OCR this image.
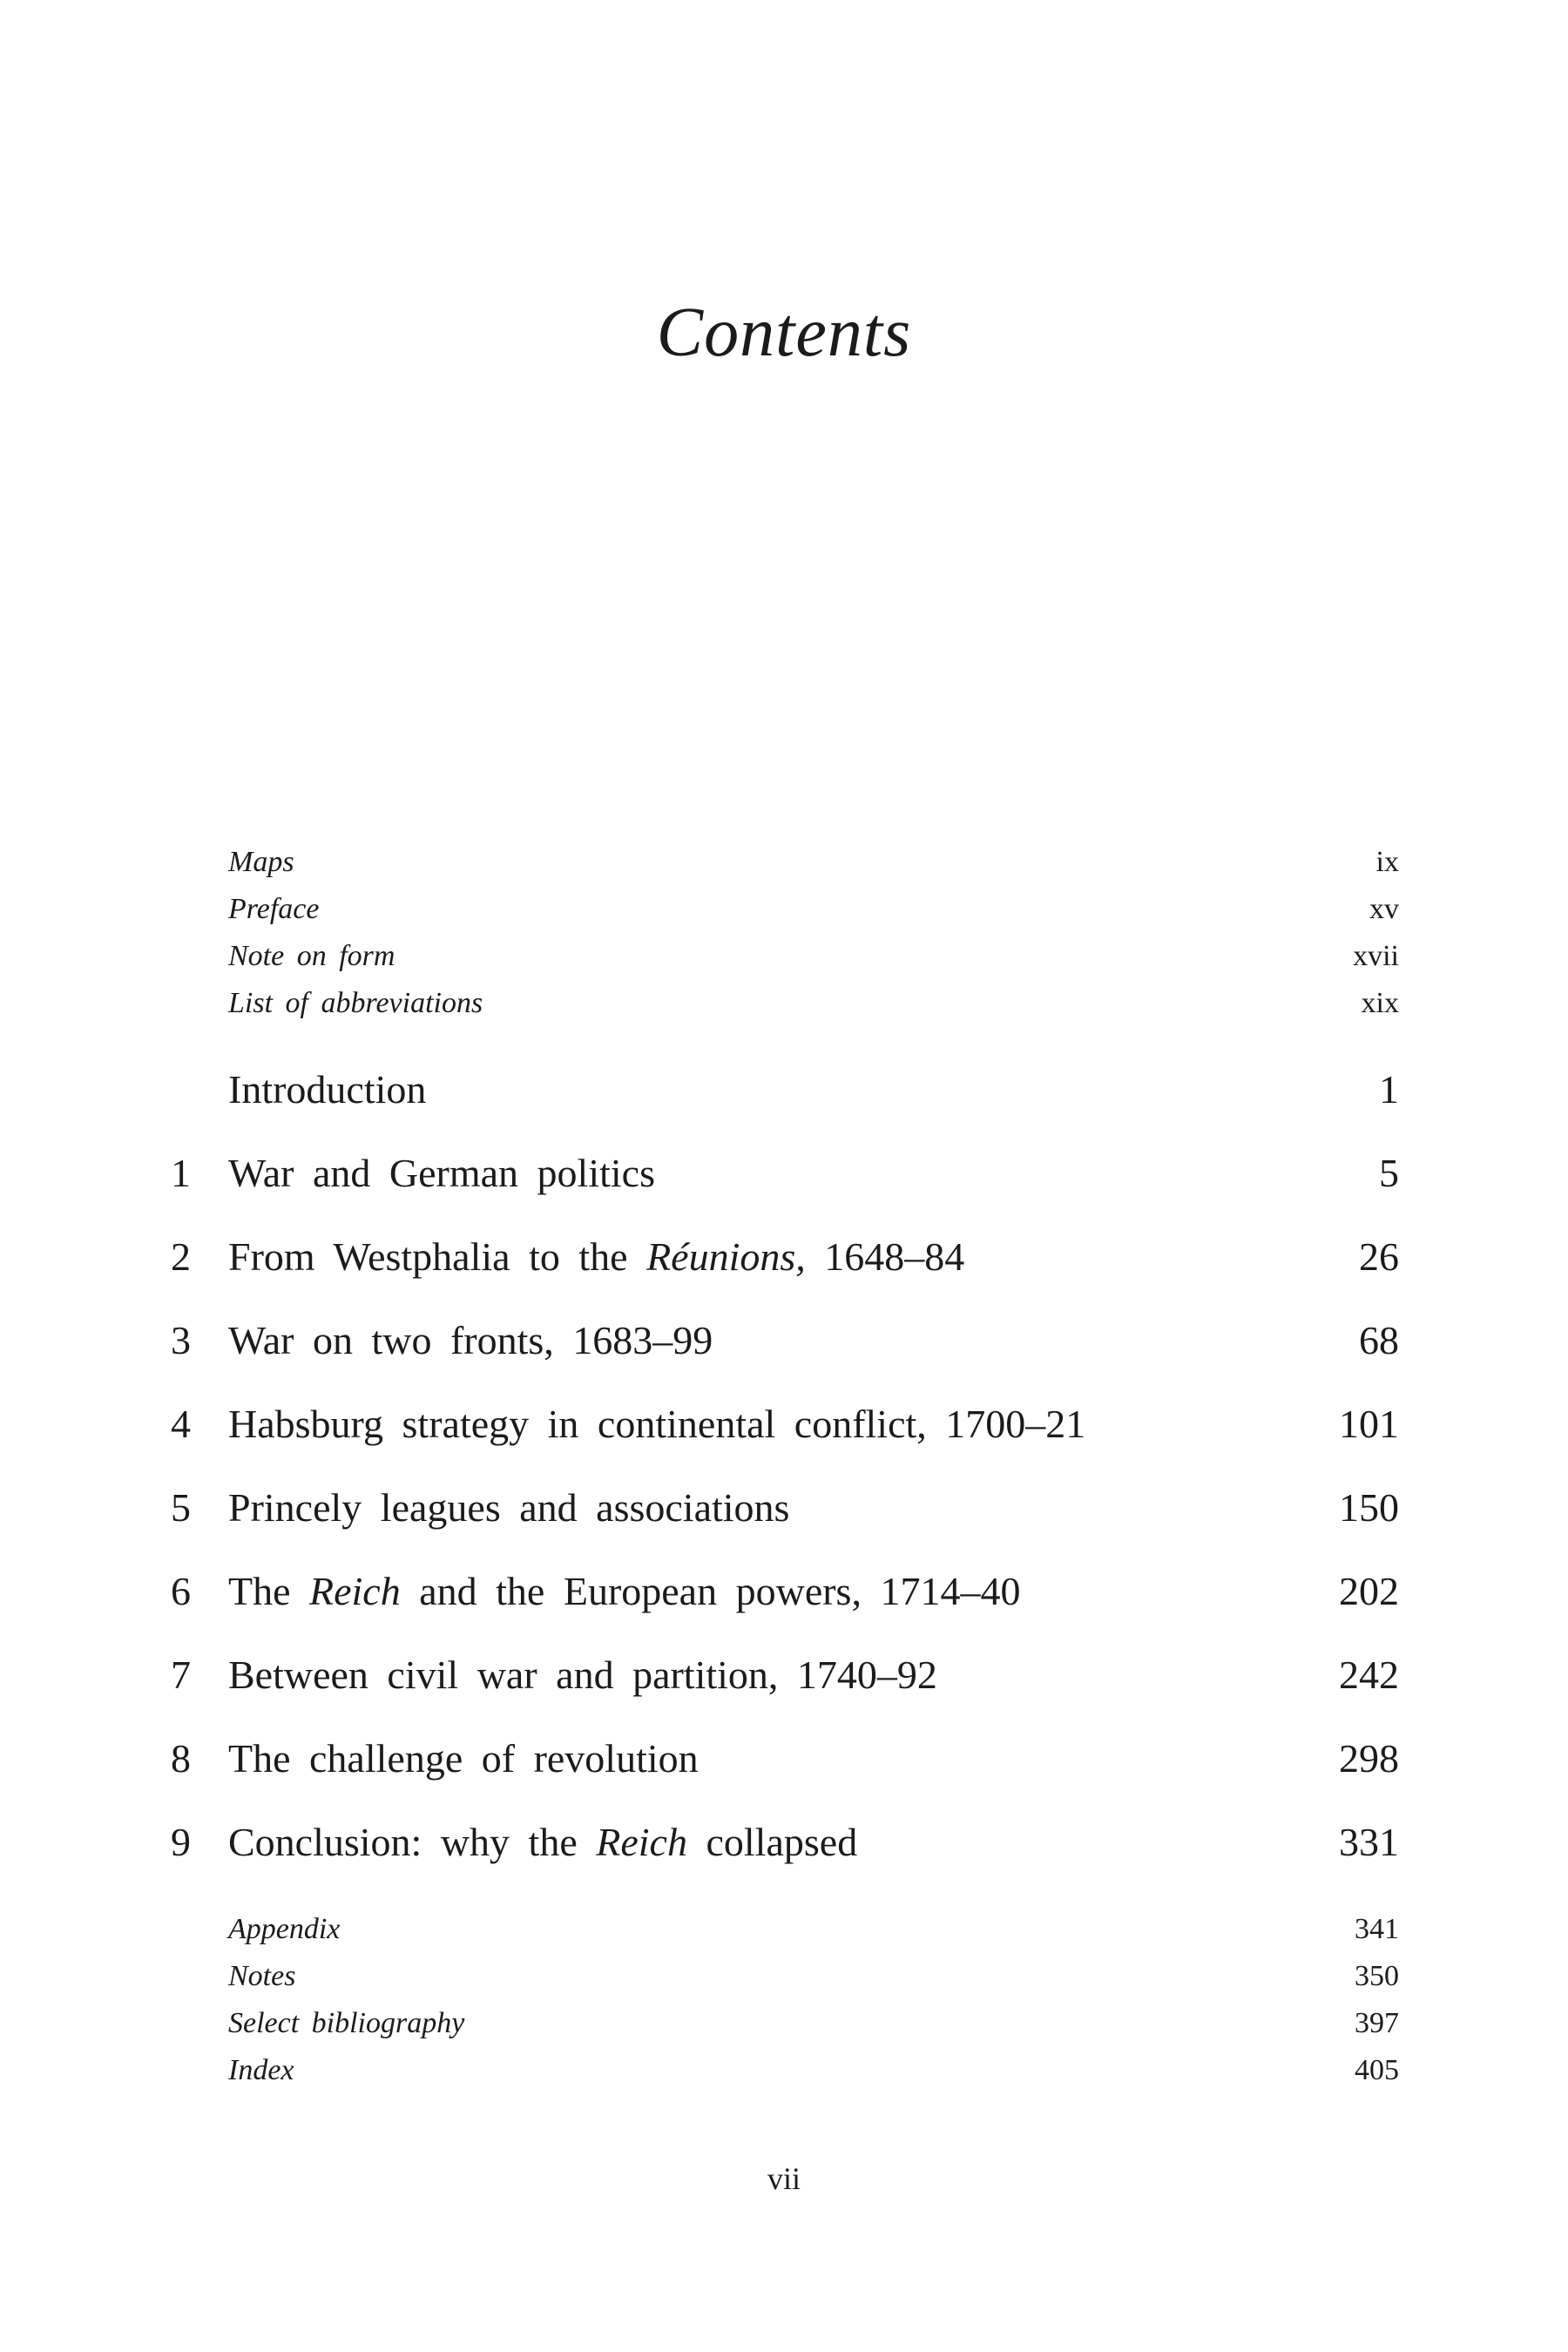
Contents
Maps	ix
Preface	xv
Note on form	xvii
List of abbreviations	xix
Introduction	1
1 War and German politics	5
2 From Westphalia to the Réunions, 1648–84	26
3 War on two fronts, 1683–99	68
4 Habsburg strategy in continental conflict, 1700–21	101
5 Princely leagues and associations	150
6 The Reich and the European powers, 1714–40	202
7 Between civil war and partition, 1740–92	242
8 The challenge of revolution	298
9 Conclusion: why the Reich collapsed	331
Appendix	341
Notes	350
Select bibliography	397
Index	405
vii
